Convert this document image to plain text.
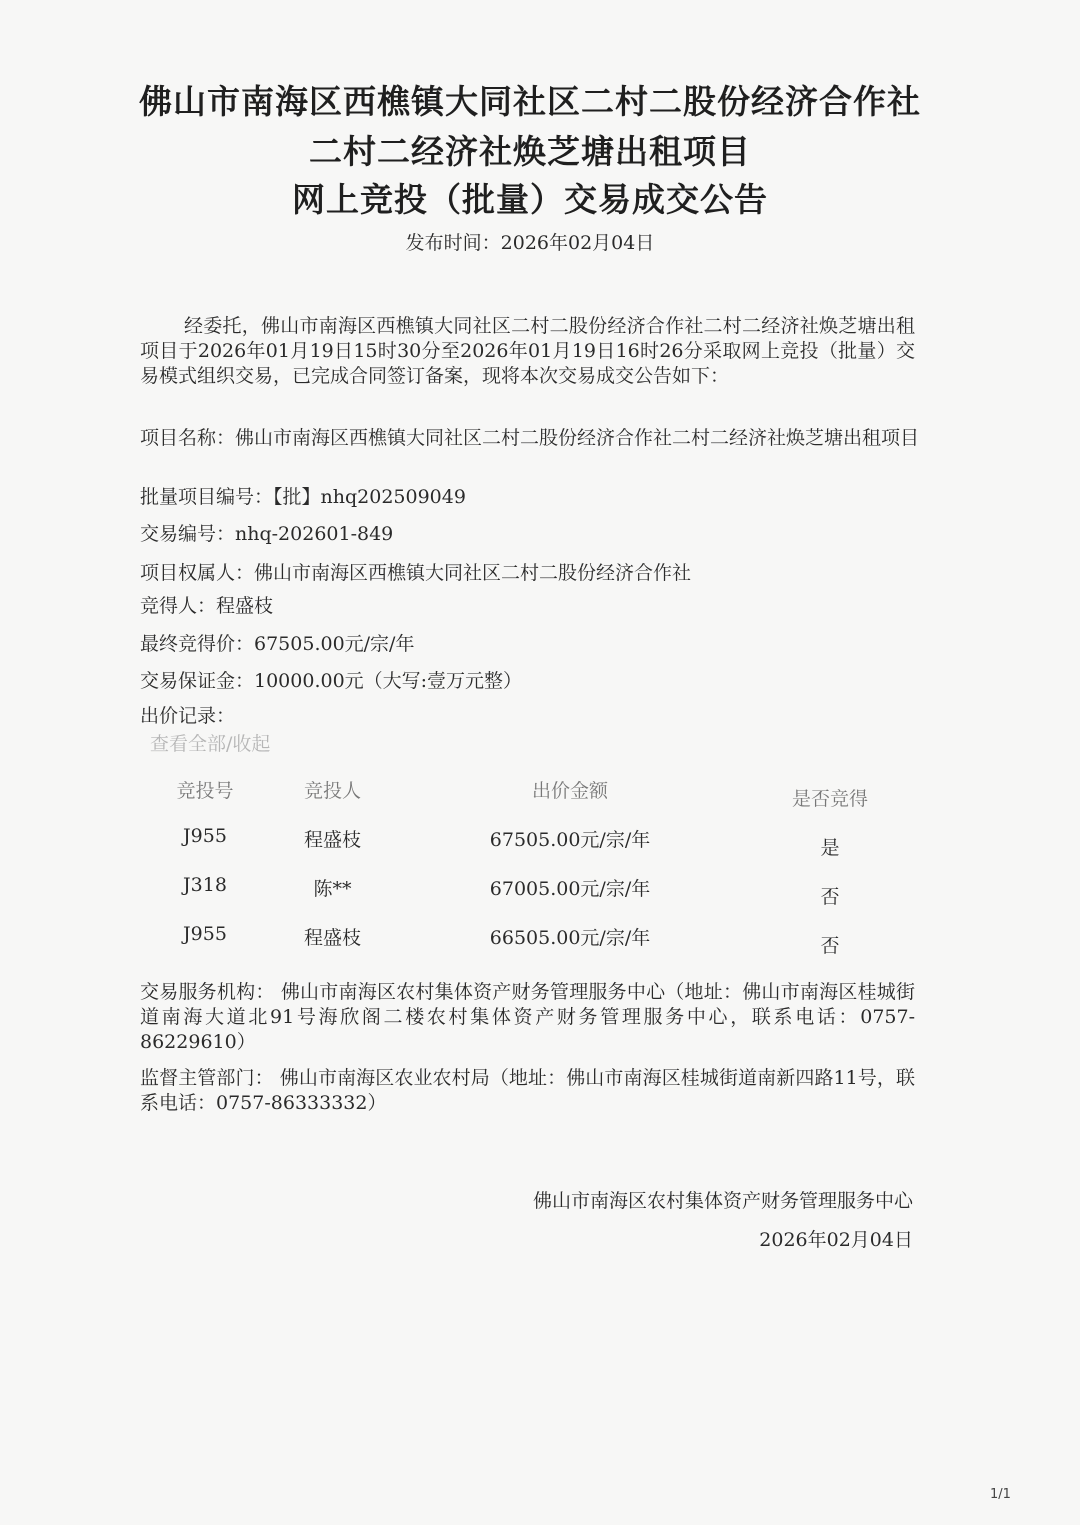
佛山市南海区西樵镇大同社区二村二股份经济合作社
二村二经济社焕芝塘出租项目
网上竞投（批量）交易成交公告
发布时间：2026年02月04日
经委托，佛山市南海区西樵镇大同社区二村二股份经济合作社二村二经济社焕芝塘出租项目于2026年01月19日15时30分至2026年01月19日16时26分采取网上竞投（批量）交易模式组织交易，已完成合同签订备案，现将本次交易成交公告如下：
项目名称：佛山市南海区西樵镇大同社区二村二股份经济合作社二村二经济社焕芝塘出租项目
批量项目编号：【批】nhq202509049
交易编号：nhq-202601-849
项目权属人：佛山市南海区西樵镇大同社区二村二股份经济合作社
竞得人：程盛枝
最终竞得价：67505.00元/宗/年
交易保证金：10000.00元（大写:壹万元整）
出价记录：
查看全部/收起
竞投号	竞投人	出价金额	是否竞得
J955	程盛枝	67505.00元/宗/年	是
J318	陈**	67005.00元/宗/年	否
J955	程盛枝	66505.00元/宗/年	否
交易服务机构： 佛山市南海区农村集体资产财务管理服务中心（地址：佛山市南海区桂城街道南海大道北91号海欣阁二楼农村集体资产财务管理服务中心，联系电话：0757-86229610）
监督主管部门： 佛山市南海区农业农村局（地址：佛山市南海区桂城街道南新四路11号，联系电话：0757-86333332）
佛山市南海区农村集体资产财务管理服务中心
2026年02月04日
1/1
